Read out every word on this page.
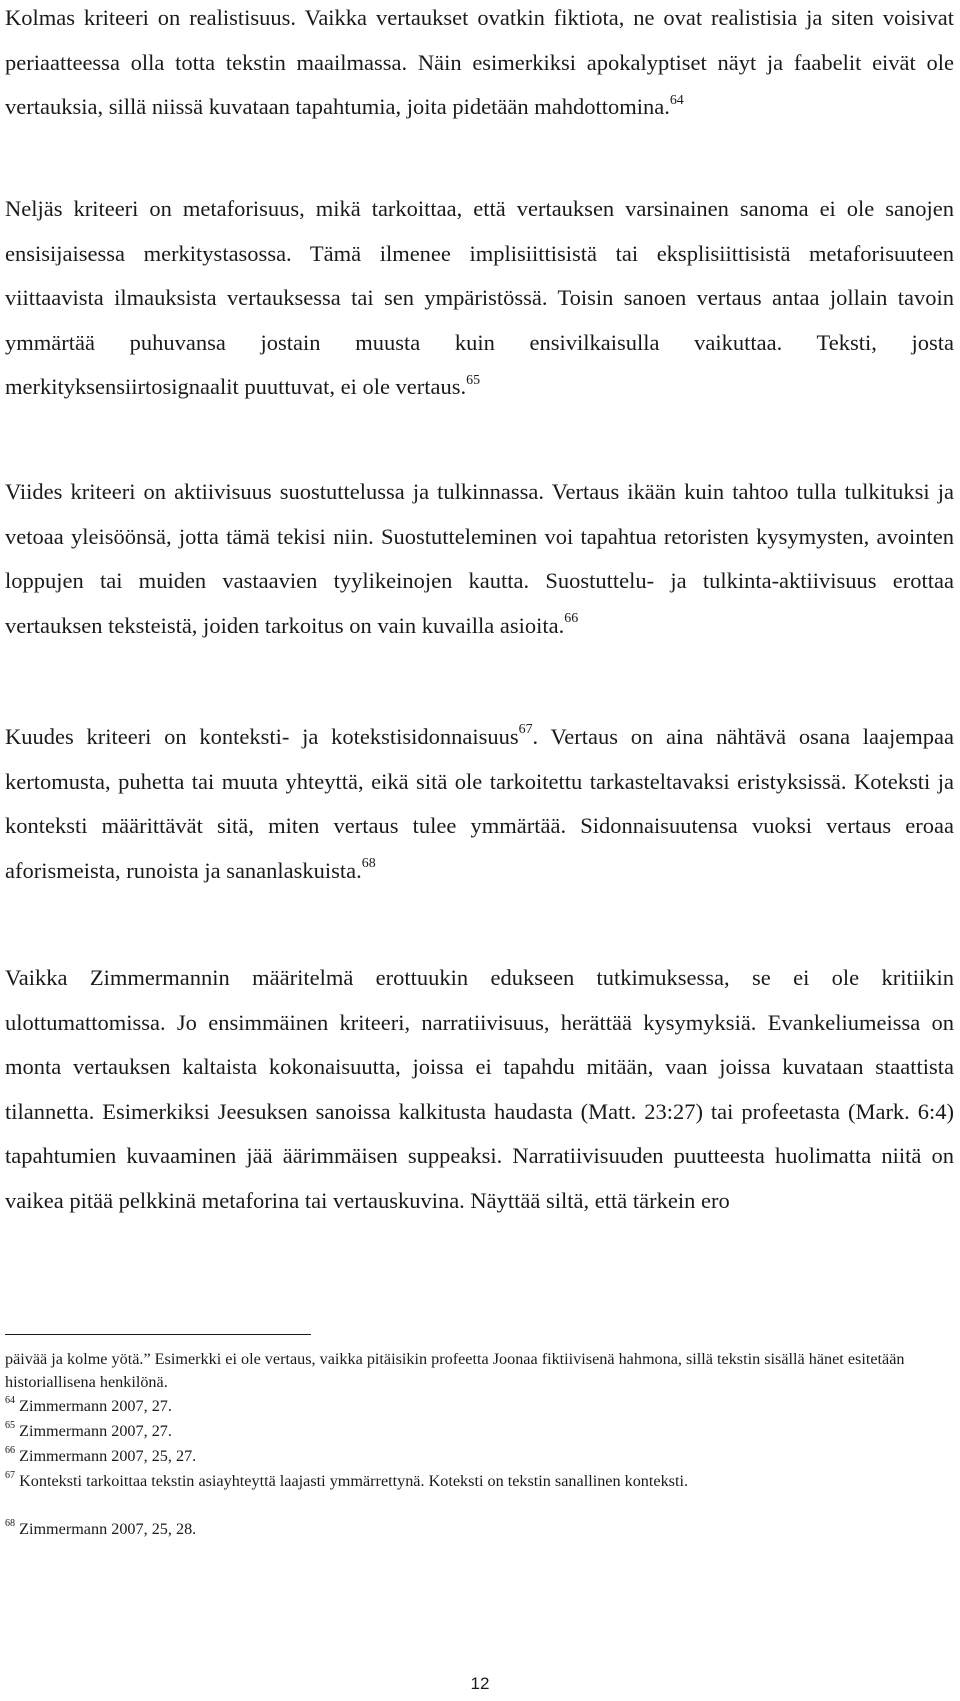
Kolmas kriteeri on realistisuus. Vaikka vertaukset ovatkin fiktiota, ne ovat realistisia ja siten voisivat periaatteessa olla totta tekstin maailmassa. Näin esimerkiksi apokalyptiset näyt ja faabelit eivät ole vertauksia, sillä niissä kuvataan tapahtumia, joita pidetään mahdottomina.$^{64}$

Neljäs kriteeri on metaforisuus, mikä tarkoittaa, että vertauksen varsinainen sanoma ei ole sanojen ensisijaisessa merkitystasossa. Tämä ilmenee implisiittisistä tai eksplisiittisistä metaforisuuteen viittaavista ilmauksista vertauksessa tai sen ympäristössä. Toisin sanoen vertaus antaa jollain tavoin ymmärtää puhuvansa jostain muusta kuin ensivilkaisulla vaikuttaa. Teksti, josta merkityksensiirtosignaalit puuttuvat, ei ole vertaus.$^{65}$

Viides kriteeri on aktiivisuus suostuttelussa ja tulkinnassa. Vertaus ikään kuin tahtoo tulla tulkituksi ja vetoaa yleisöönsä, jotta tämä tekisi niin. Suostutteleminen voi tapahtua retoristen kysymysten, avointen loppujen tai muiden vastaavien tyylikeinojen kautta. Suostuttelu- ja tulkinta-aktiivisuus erottaa vertauksen teksteistä, joiden tarkoitus on vain kuvailla asioita.$^{66}$

Kuudes kriteeri on konteksti- ja kotekstisidonnaisuus$^{67}$. Vertaus on aina nähtävä osana laajempaa kertomusta, puhetta tai muuta yhteyttä, eikä sitä ole tarkoitettu tarkasteltavaksi eristyksissä. Koteksti ja konteksti määrittävät sitä, miten vertaus tulee ymmärtää. Sidonnaisuutensa vuoksi vertaus eroaa aforismeista, runoista ja sananlaskuista.$^{68}$

Vaikka Zimmermannin määritelmä erottuukin edukseen tutkimuksessa, se ei ole kritiikin ulottumattomissa. Jo ensimmäinen kriteeri, narratiivisuus, herättää kysymyksiä. Evankeliumeissa on monta vertauksen kaltaista kokonaisuutta, joissa ei tapahdu mitään, vaan joissa kuvataan staattista tilannetta. Esimerkiksi Jeesuksen sanoissa kalkitusta haudasta (Matt. 23:27) tai profeetasta (Mark. 6:4) tapahtumien kuvaaminen jää äärimmäisen suppeaksi. Narratiivisuuden puutteesta huolimatta niitä on vaikea pitää pelkkinä metaforina tai vertauskuvina. Näyttää siltä, että tärkein ero

päivää ja kolme yötä.” Esimerkki ei ole vertaus, vaikka pitäisikin profeetta Joonaa fiktiivisenä hahmona, sillä tekstin sisällä hänet esitetään historiallisena henkilönä.

$^{64}$ Zimmermann 2007, 27.

$^{65}$ Zimmermann 2007, 27.

$^{66}$ Zimmermann 2007, 25, 27.

$^{67}$ Konteksti tarkoittaa tekstin asiayhteyttä laajasti ymmärrettynä. Koteksti on tekstin sanallinen konteksti.

$^{68}$ Zimmermann 2007, 25, 28.

12
